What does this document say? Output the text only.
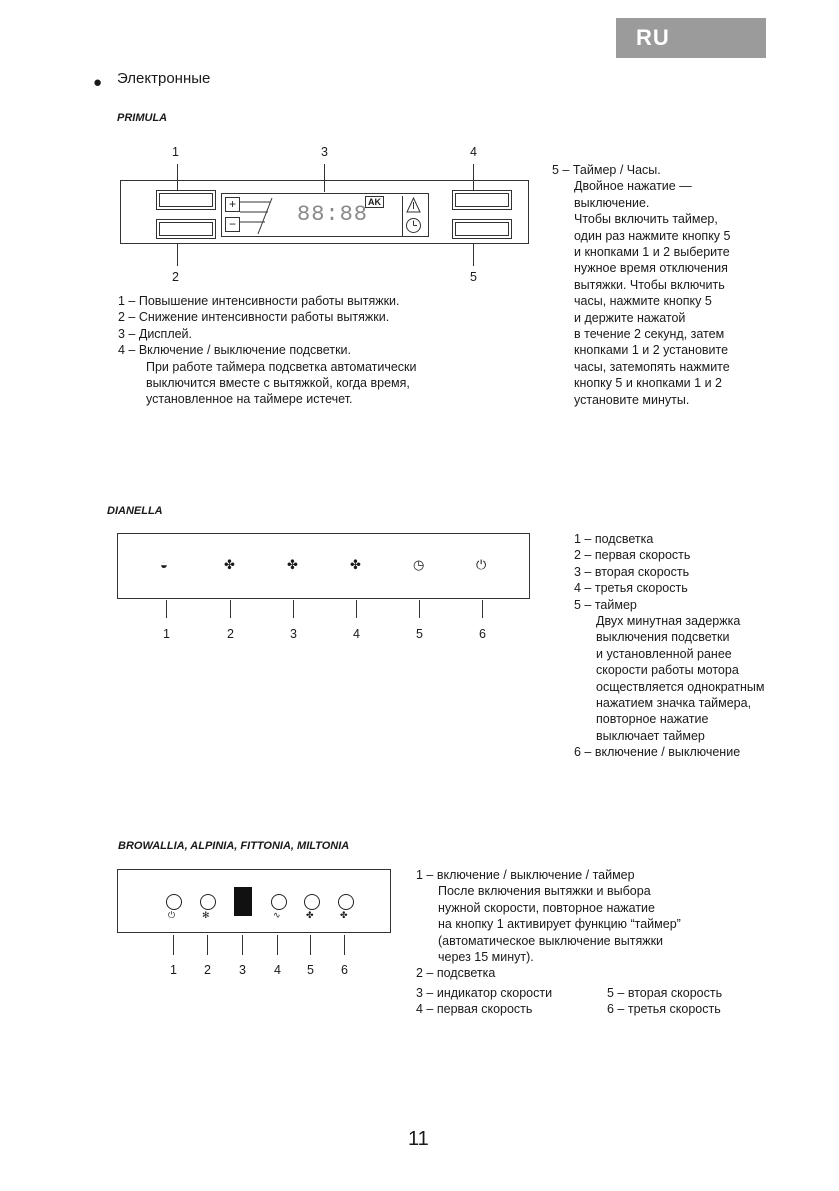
RU
● Электронные
PRIMULA
1	3	4
+
−	88:88 AK
2	5
1 – Повышение интенсивности работы вытяжки.
2 – Снижение интенсивности работы вытяжки.
3 – Дисплей.
4 – Включение / выключение подсветки.
При работе таймера подсветка автоматически
выключится вместе с вытяжкой, когда время,
установленное на таймере истечет.
5 – Таймер / Часы.
Двойное нажатие —
выключение.
Чтобы включить таймер,
один раз нажмите кнопку 5
и кнопками 1 и 2 выберите
нужное время отключения
вытяжки. Чтобы включить
часы, нажмите кнопку 5
и держите нажатой
в течение 2 секунд, затем
кнопками 1 и 2 установите
часы, затемопять нажмите
кнопку 5 и кнопками 1 и 2
установите минуты.
DIANELLA
◒	✤	✤	✤	◷	⏻
1	2	3	4	5	6
1 – подсветка
2 – первая скорость
3 – вторая скорость
4 – третья скорость
5 – таймер
Двух минутная задержка
выключения подсветки
и установленной ранее
скорости работы мотора
осществляется однократным
нажатием значка таймера,
повторное нажатие
выключает таймер
6 – включение / выключение
BROWALLIA, ALPINIA, FITTONIA, MILTONIA
⏻	✻	∿	✤	✤
1 2 3 4 5 6
1 – включение / выключение / таймер
После включения вытяжки и выбора
нужной скорости, повторное нажатие
на кнопку 1 активирует функцию “таймер”
(автоматическое выключение вытяжки
через 15 минут).
2 – подсветка
3 – индикатор скорости
4 – первая скорость
5 – вторая скорость
6 – третья скорость
11
